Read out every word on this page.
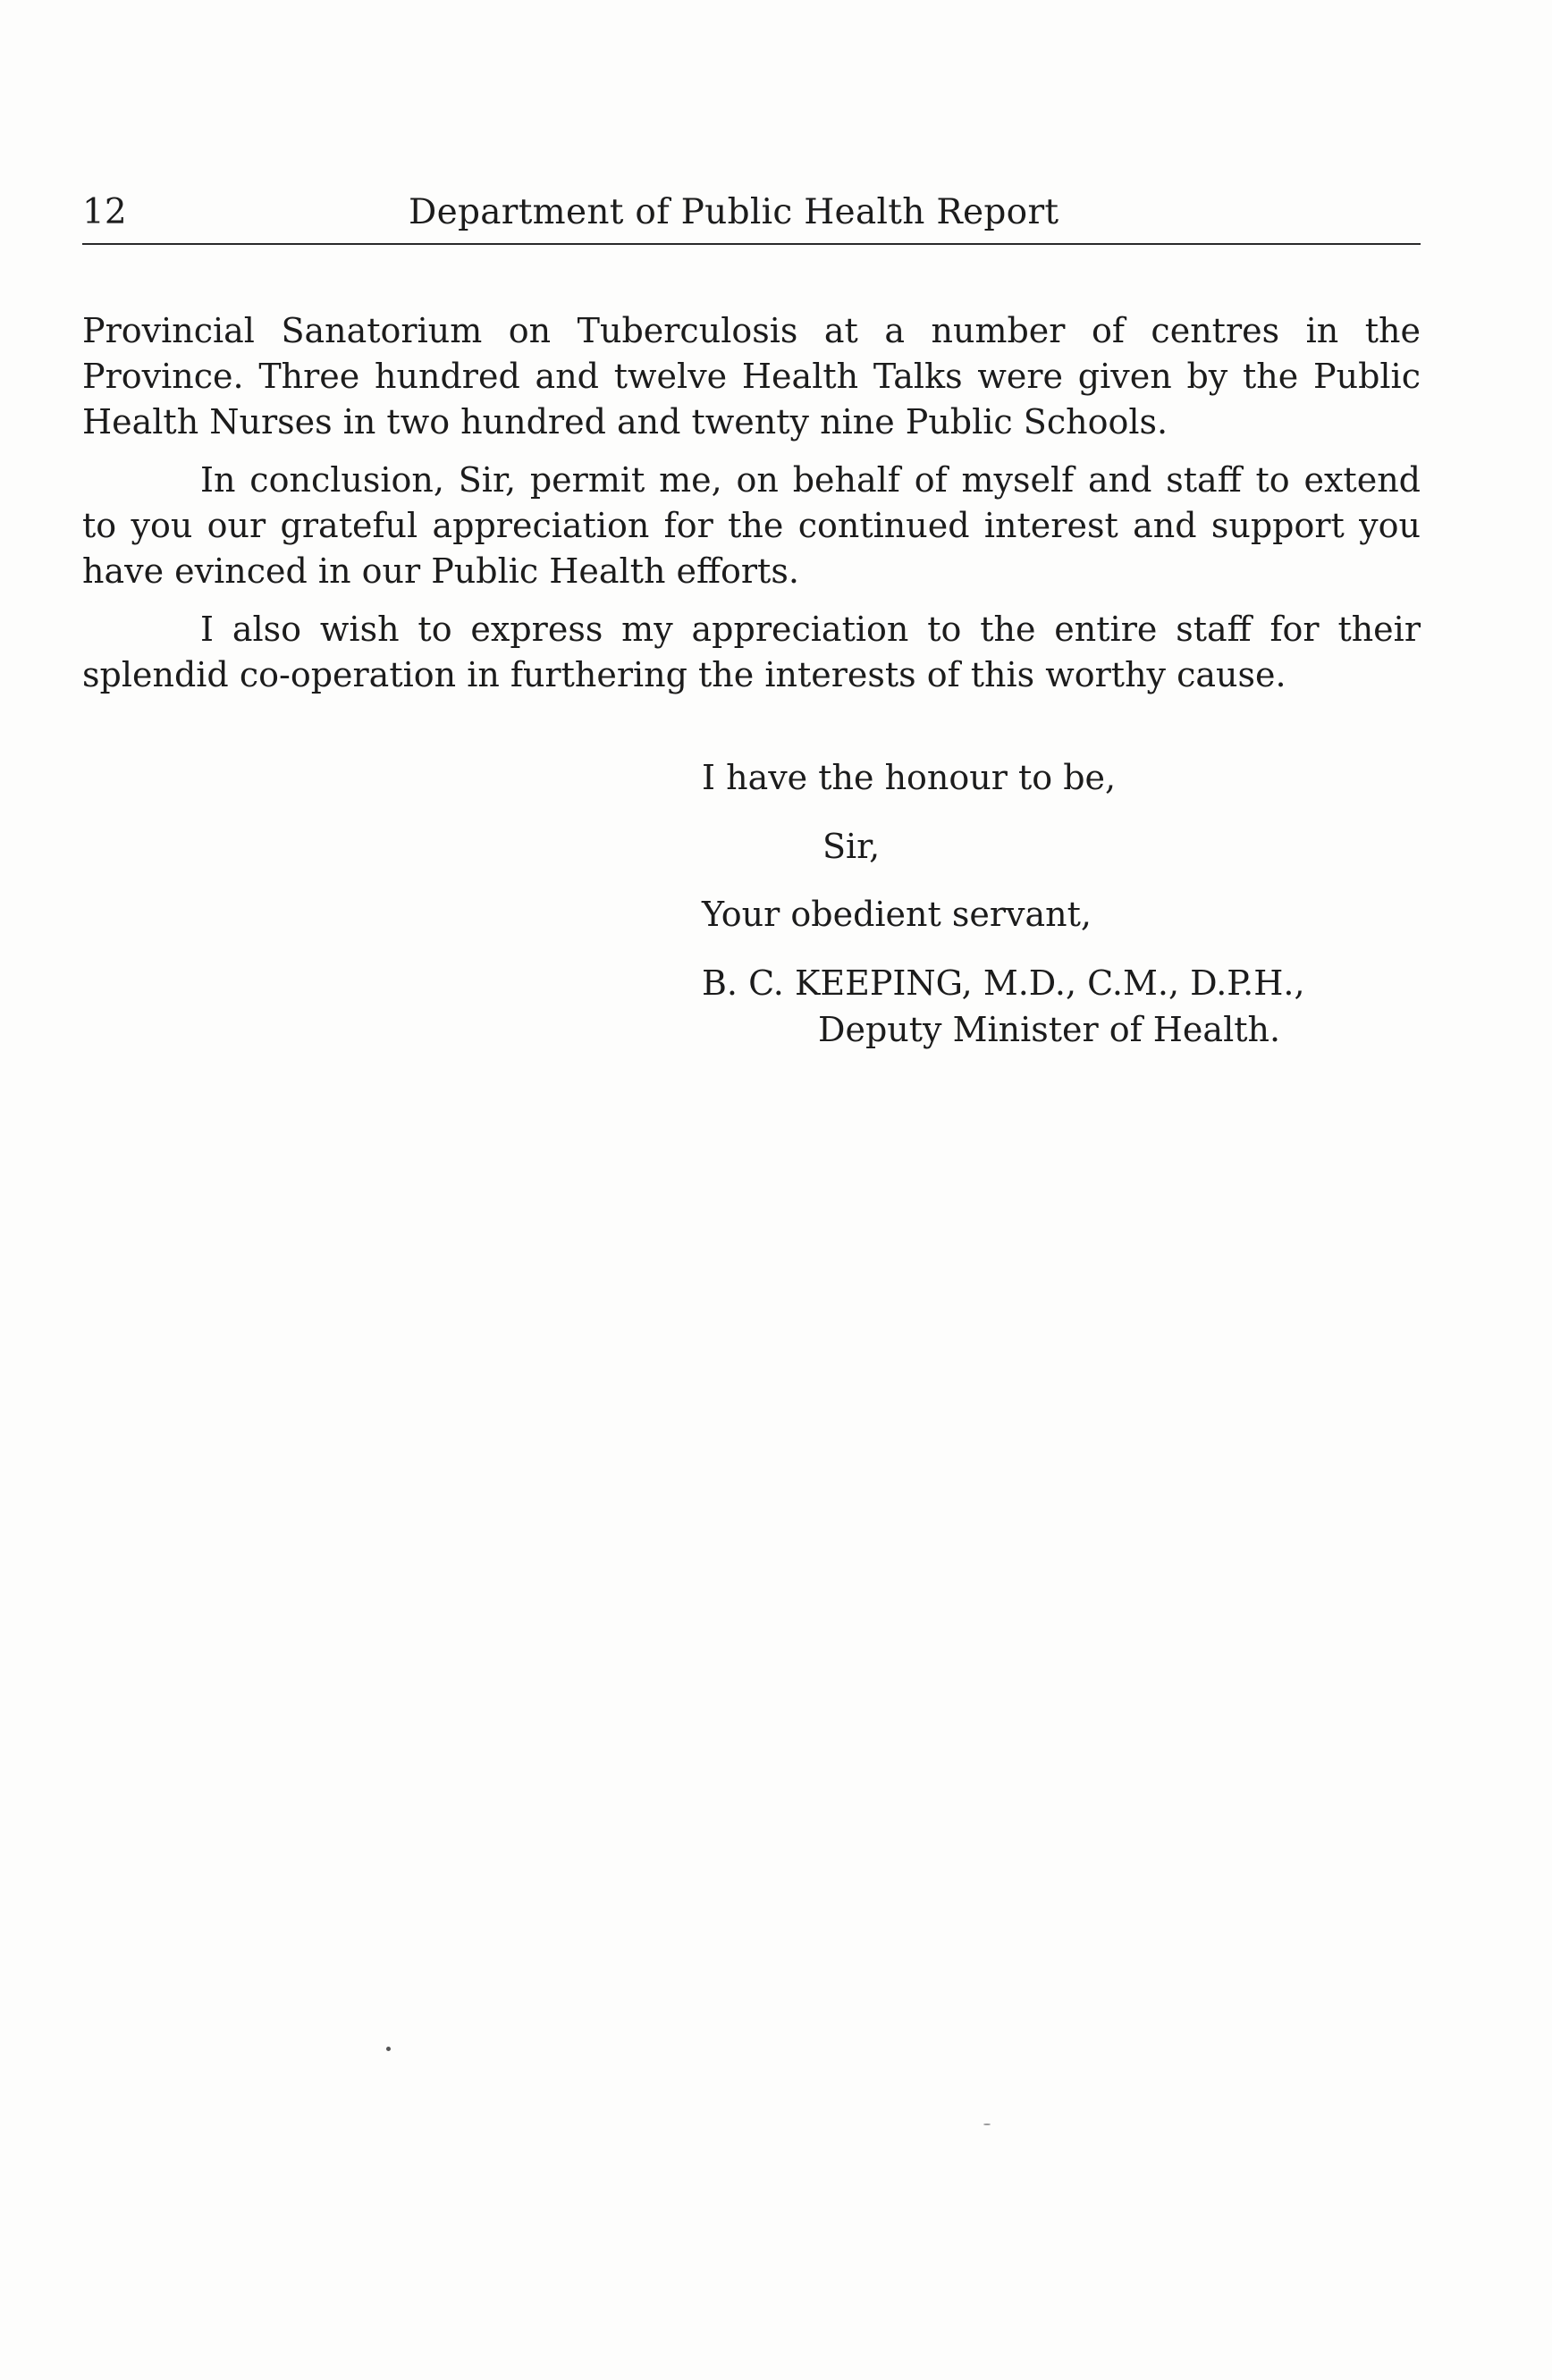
12	Department of Public Health Report

Provincial Sanatorium on Tuberculosis at a number of centres in the Province. Three hundred and twelve Health Talks were given by the Public Health Nurses in two hundred and twenty nine Public Schools.

In conclusion, Sir, permit me, on behalf of myself and staff to extend to you our grateful appreciation for the continued interest and support you have evinced in our Public Health efforts.

I also wish to express my appreciation to the entire staff for their splendid co-operation in furthering the interests of this worthy cause.

I have the honour to be,
Sir,
Your obedient servant,
B. C. KEEPING, M.D., C.M., D.P.H.,
Deputy Minister of Health.
